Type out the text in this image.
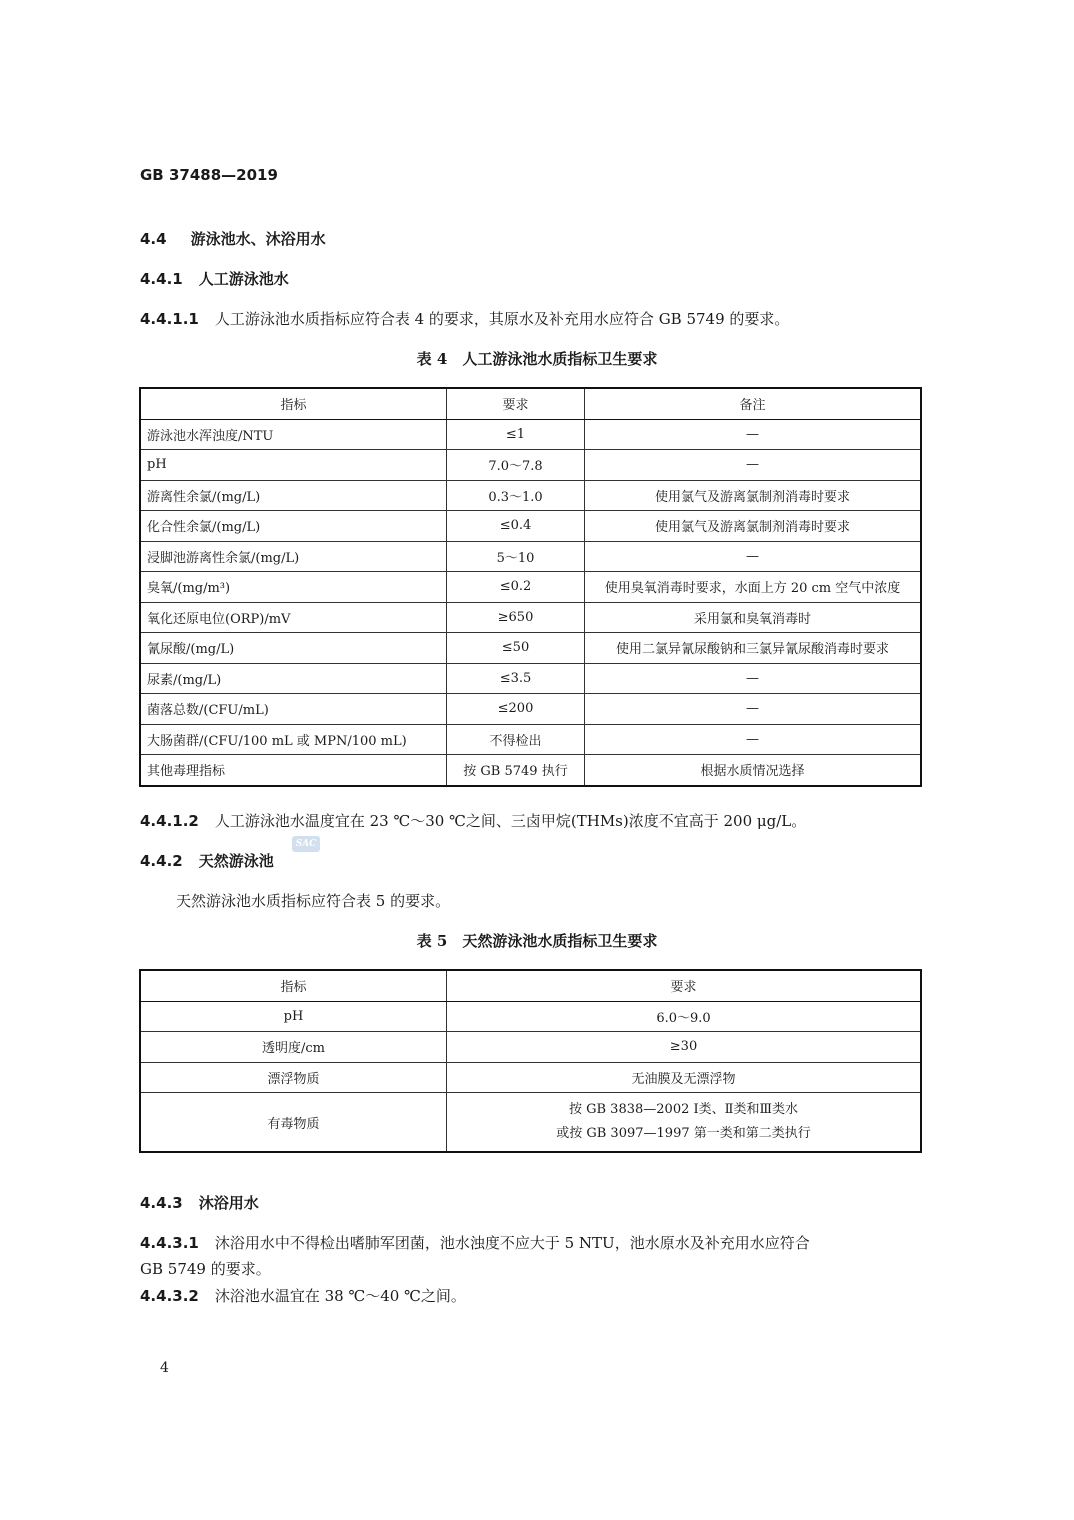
GB 37488—2019
4.4 游泳池水、沐浴用水
4.4.1 人工游泳池水
4.4.1.1 人工游泳池水质指标应符合表 4 的要求，其原水及补充用水应符合 GB 5749 的要求。
表 4　人工游泳池水质指标卫生要求
指标	要求	备注
游泳池水浑浊度/NTU	≤1	—
pH	7.0～7.8	—
游离性余氯/(mg/L)	0.3～1.0	使用氯气及游离氯制剂消毒时要求
化合性余氯/(mg/L)	≤0.4	使用氯气及游离氯制剂消毒时要求
浸脚池游离性余氯/(mg/L)	5～10	—
臭氧/(mg/m³)	≤0.2	使用臭氧消毒时要求，水面上方 20 cm 空气中浓度
氧化还原电位(ORP)/mV	≥650	采用氯和臭氧消毒时
氰尿酸/(mg/L)	≤50	使用二氯异氰尿酸钠和三氯异氰尿酸消毒时要求
尿素/(mg/L)	≤3.5	—
菌落总数/(CFU/mL)	≤200	—
大肠菌群/(CFU/100 mL 或 MPN/100 mL)	不得检出	—
其他毒理指标	按 GB 5749 执行	根据水质情况选择
4.4.1.2 人工游泳池水温度宜在 23 ℃～30 ℃之间、三卤甲烷(THMs)浓度不宜高于 200 μg/L。
4.4.2 天然游泳池
SAC
天然游泳池水质指标应符合表 5 的要求。
表 5　天然游泳池水质指标卫生要求
指标	要求
pH	6.0～9.0
透明度/cm	≥30
漂浮物质	无油膜及无漂浮物
有毒物质	按 GB 3838—2002 Ⅰ类、Ⅱ类和Ⅲ类水
或按 GB 3097—1997 第一类和第二类执行
4.4.3 沐浴用水
4.4.3.1 沐浴用水中不得检出嗜肺军团菌，池水浊度不应大于 5 NTU，池水原水及补充用水应符合
GB 5749 的要求。
4.4.3.2 沐浴池水温宜在 38 ℃～40 ℃之间。
4
